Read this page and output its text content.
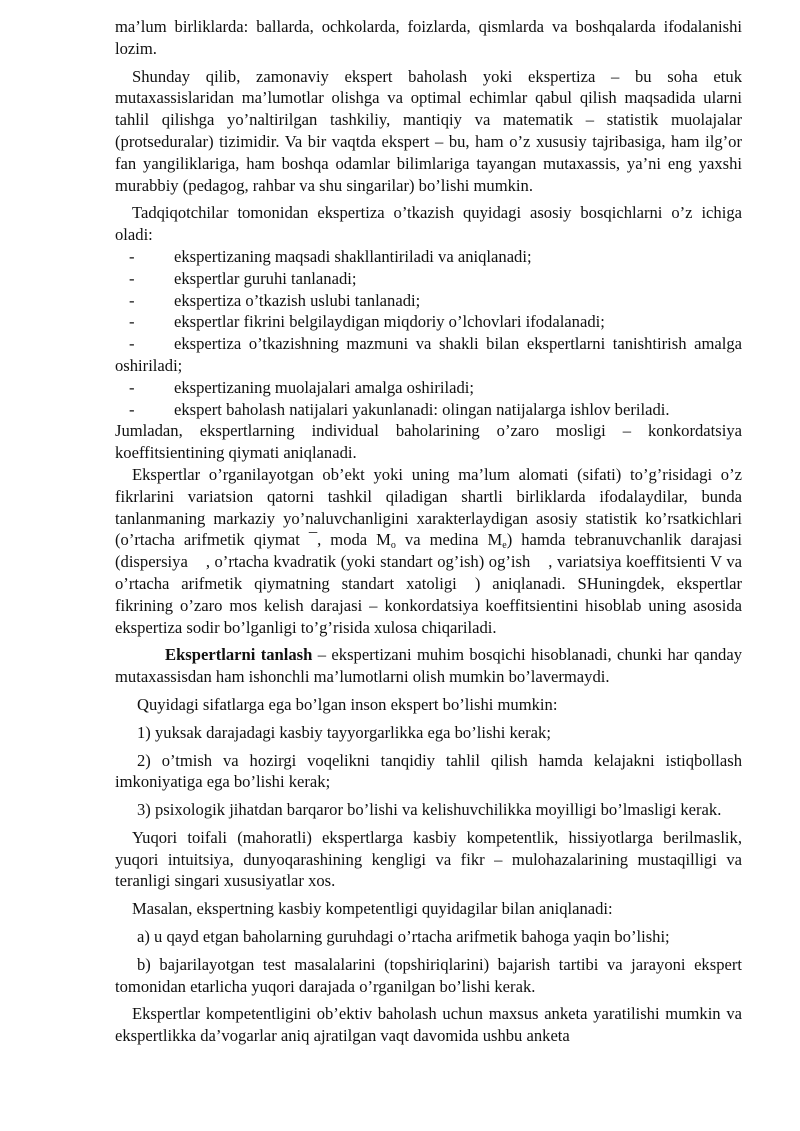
ma’lum birliklarda: ballarda, ochkolarda, foizlarda, qismlarda va boshqalarda ifodalanishi lozim.

Shunday qilib, zamonaviy ekspert baholash yoki ekspertiza – bu soha etuk mutaxassislaridan ma’lumotlar olishga va optimal echimlar qabul qilish maqsadida ularni tahlil qilishga yo’naltirilgan tashkiliy, mantiqiy va matematik – statistik muolajalar (protseduralar) tizimidir. Va bir vaqtda ekspert – bu, ham o’z xususiy tajribasiga, ham ilg’or fan yangiliklariga, ham boshqa odamlar bilimlariga tayangan mutaxassis, ya’ni eng yaxshi murabbiy (pedagog, rahbar va shu singarilar) bo’lishi mumkin.

Tadqiqotchilar tomonidan ekspertiza o’tkazish quyidagi asosiy bosqichlarni o’z ichiga oladi:

- ekspertizaning maqsadi shakllantiriladi va aniqlanadi;
- ekspertlar guruhi tanlanadi;
- ekspertiza o’tkazish uslubi tanlanadi;
- ekspertlar fikrini belgilaydigan miqdoriy o’lchovlari ifodalanadi;
- ekspertiza o’tkazishning mazmuni va shakli bilan ekspertlarni tanishtirish amalga oshiriladi;
- ekspertizaning muolajalari amalga oshiriladi;
- ekspert baholash natijalari yakunlanadi: olingan natijalarga ishlov beriladi.

Jumladan, ekspertlarning individual baholarining o’zaro mosligi – konkordatsiya koeffitsientining qiymati aniqlanadi.

Ekspertlar o’rganilayotgan ob’ekt yoki uning ma’lum alomati (sifati) to’g’risidagi o’z fikrlarini variatsion qatorni tashkil qiladigan shartli birliklarda ifodalaydilar, bunda tanlanmaning markaziy yo’naluvchanligini xarakterlaydigan asosiy statistik ko’rsatkichlari (o’rtacha arifmetik qiymat ¯, moda $M_o$ va medina $M_e$) hamda tebranuvchanlik darajasi (dispersiya , o’rtacha kvadratik (yoki standart og’ish) og’ish , variatsiya koeffitsienti V va o’rtacha arifmetik qiymatning standart xatoligi ) aniqlanadi. SHuningdek, ekspertlar fikrining o’zaro mos kelish darajasi – konkordatsiya koeffitsientini hisoblab uning asosida ekspertiza sodir bo’lganligi to’g’risida xulosa chiqariladi.

Ekspertlarni tanlash – ekspertizani muhim bosqichi hisoblanadi, chunki har qanday mutaxassisdan ham ishonchli ma’lumotlarni olish mumkin bo’lavermaydi.

Quyidagi sifatlarga ega bo’lgan inson ekspert bo’lishi mumkin:

1) yuksak darajadagi kasbiy tayyorgarlikka ega bo’lishi kerak;

2) o’tmish va hozirgi voqelikni tanqidiy tahlil qilish hamda kelajakni istiqbollash imkoniyatiga ega bo’lishi kerak;

3) psixologik jihatdan barqaror bo’lishi va kelishuvchilikka moyilligi bo’lmasligi kerak.

Yuqori toifali (mahoratli) ekspertlarga kasbiy kompetentlik, hissiyotlarga berilmaslik, yuqori intuitsiya, dunyoqarashining kengligi va fikr – mulohazalarining mustaqilligi va teranligi singari xususiyatlar xos.

Masalan, ekspertning kasbiy kompetentligi quyidagilar bilan aniqlanadi:

a) u qayd etgan baholarning guruhdagi o’rtacha arifmetik bahoga yaqin bo’lishi;

b) bajarilayotgan test masalalarini (topshiriqlarini) bajarish tartibi va jarayoni ekspert tomonidan etarlicha yuqori darajada o’rganilgan bo’lishi kerak.

Ekspertlar kompetentligini ob’ektiv baholash uchun maxsus anketa yaratilishi mumkin va ekspertlikka da’vogarlar aniq ajratilgan vaqt davomida ushbu anketa
